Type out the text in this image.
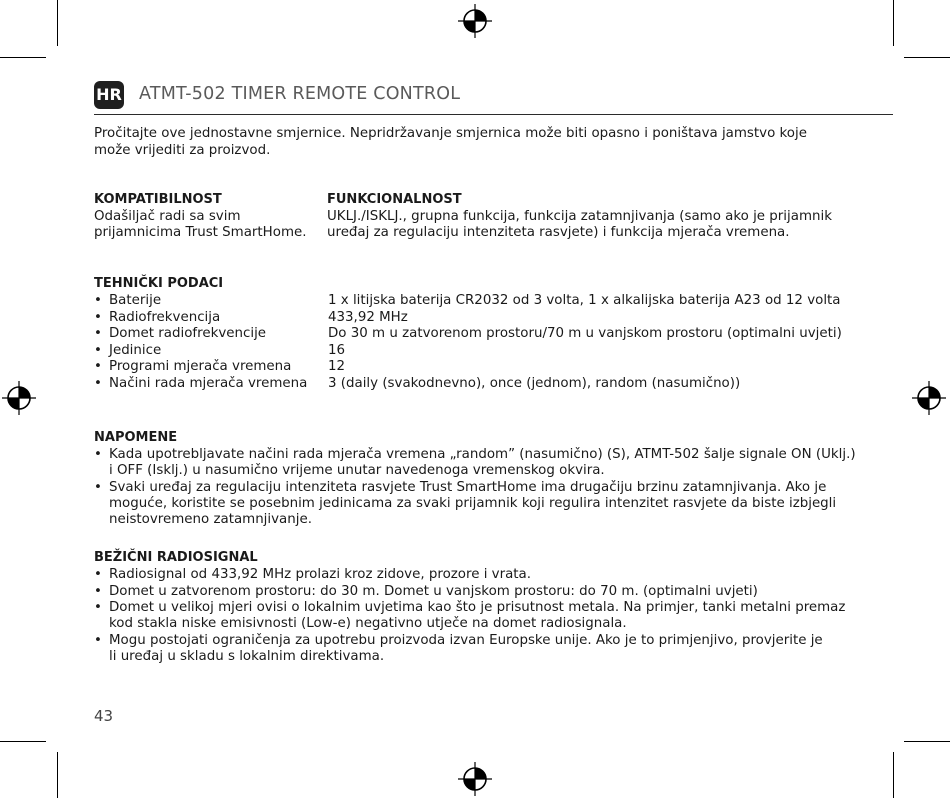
HR ATMT-502 TIMER REMOTE CONTROL
Pročitajte ove jednostavne smjernice. Nepridržavanje smjernica može biti opasno i poništava jamstvo koje
može vrijediti za proizvod.
KOMPATIBILNOST
Odašiljač radi sa svim
prijamnicima Trust SmartHome.
FUNKCIONALNOST
UKLJ./ISKLJ., grupna funkcija, funkcija zatamnjivanja (samo ako je prijamnik
uređaj za regulaciju intenziteta rasvjete) i funkcija mjerača vremena.
TEHNIČKI PODACI
• Baterije	1 x litijska baterija CR2032 od 3 volta, 1 x alkalijska baterija A23 od 12 volta
• Radiofrekvencija	433,92 MHz
• Domet radiofrekvencije	Do 30 m u zatvorenom prostoru/70 m u vanjskom prostoru (optimalni uvjeti)
• Jedinice	16
• Programi mjerača vremena	12
• Načini rada mjerača vremena 3 (daily (svakodnevno), once (jednom), random (nasumično))
NAPOMENE
• Kada upotrebljavate načini rada mjerača vremena „random” (nasumično) (S), ATMT-502 šalje signale ON (Uklj.)
i OFF (Isklj.) u nasumično vrijeme unutar navedenoga vremenskog okvira.
• Svaki uređaj za regulaciju intenziteta rasvjete Trust SmartHome ima drugačiju brzinu zatamnjivanja. Ako je
moguće, koristite se posebnim jedinicama za svaki prijamnik koji regulira intenzitet rasvjete da biste izbjegli
neistovremeno zatamnjivanje.
BEŽIČNI RADIOSIGNAL
• Radiosignal od 433,92 MHz prolazi kroz zidove, prozore i vrata.
• Domet u zatvorenom prostoru: do 30 m. Domet u vanjskom prostoru: do 70 m. (optimalni uvjeti)
• Domet u velikoj mjeri ovisi o lokalnim uvjetima kao što je prisutnost metala. Na primjer, tanki metalni premaz
kod stakla niske emisivnosti (Low-e) negativno utječe na domet radiosignala.
• Mogu postojati ograničenja za upotrebu proizvoda izvan Europske unije. Ako je to primjenjivo, provjerite je
li uređaj u skladu s lokalnim direktivama.
43
